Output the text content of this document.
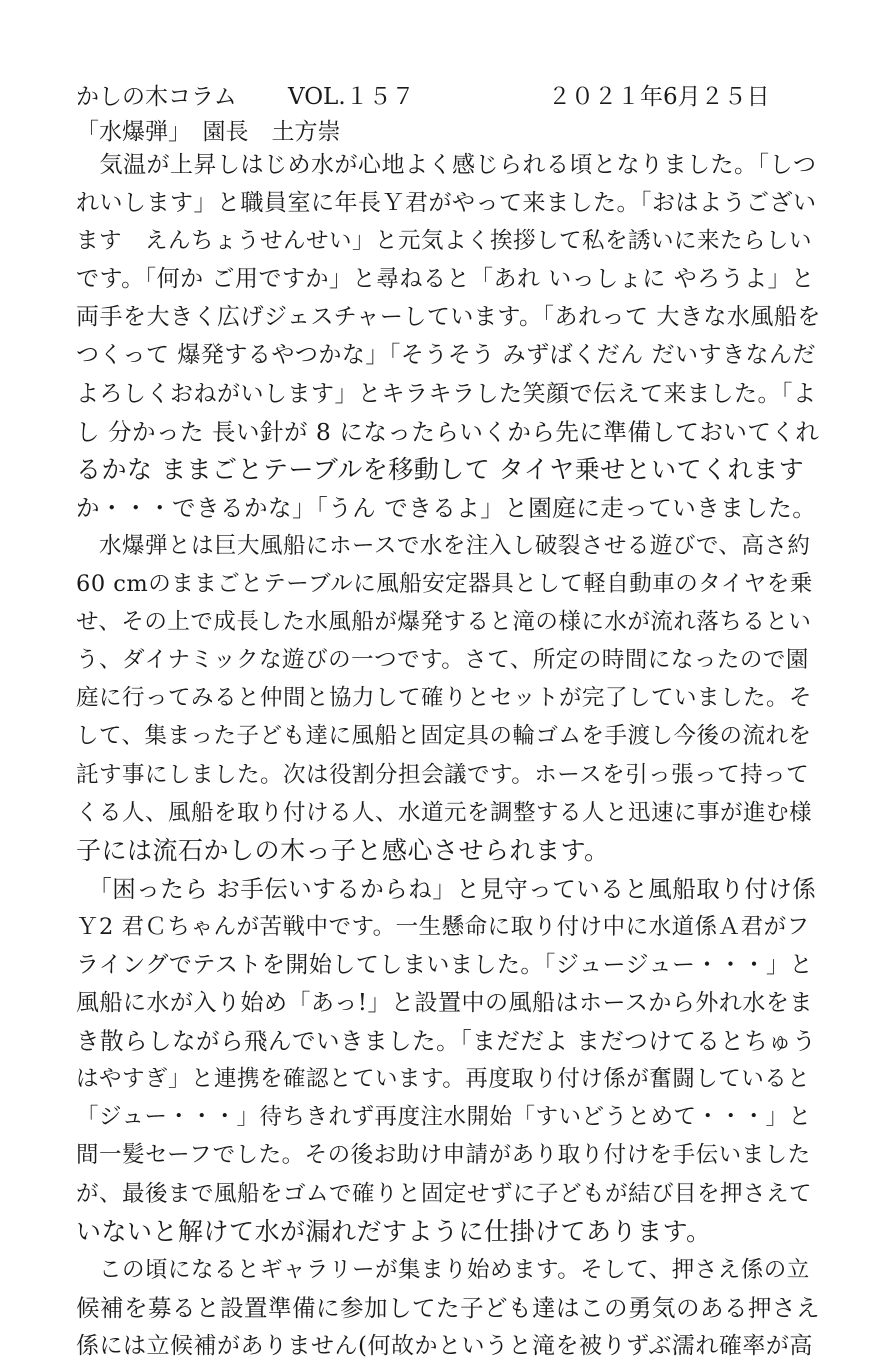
かしの木コラム VOL.１５７	２０２１年6月２５日
「水爆弾」　園長　土方崇
　気温が上昇しはじめ水が心地よく感じられる頃となりました。「しつ
れいします」と職員室に年長Ｙ君がやって来ました。「おはようござい
ます　えんちょうせんせい」と元気よく挨拶して私を誘いに来たらしい
です。「何か ご用ですか」と尋ねると「あれ いっしょに やろうよ」と
両手を大きく広げジェスチャーしています。「あれって 大きな水風船を
つくって 爆発するやつかな」「そうそう みずばくだん だいすきなんだ
よろしくおねがいします」とキラキラした笑顔で伝えて来ました。「よ
し 分かった 長い針が 8 になったらいくから先に準備しておいてくれ
るかな ままごとテーブルを移動して タイヤ乗せといてくれます
か・・・できるかな」「うん できるよ」と園庭に走っていきました。
　水爆弾とは巨大風船にホースで水を注入し破裂させる遊びで、高さ約
60 cmのままごとテーブルに風船安定器具として軽自動車のタイヤを乗
せ、その上で成長した水風船が爆発すると滝の様に水が流れ落ちるとい
う、ダイナミックな遊びの一つです。さて、所定の時間になったので園
庭に行ってみると仲間と協力して確りとセットが完了していました。そ
して、集まった子ども達に風船と固定具の輪ゴムを手渡し今後の流れを
託す事にしました。次は役割分担会議です。ホースを引っ張って持って
くる人、風船を取り付ける人、水道元を調整する人と迅速に事が進む様
子には流石かしの木っ子と感心させられます。
　「困ったら お手伝いするからね」と見守っていると風船取り付け係
Ｙ2 君Ｃちゃんが苦戦中です。一生懸命に取り付け中に水道係Ａ君がフ
ライングでテストを開始してしまいました。「ジュージュー・・・」と
風船に水が入り始め「あっ!」と設置中の風船はホースから外れ水をま
き散らしながら飛んでいきました。「まだだよ まだつけてるとちゅう
はやすぎ」と連携を確認とています。再度取り付け係が奮闘していると
「ジュー・・・」待ちきれず再度注水開始「すいどうとめて・・・」と
間一髪セーフでした。その後お助け申請があり取り付けを手伝いました
が、最後まで風船をゴムで確りと固定せずに子どもが結び目を押さえて
いないと解けて水が漏れだすように仕掛けてあります。
　この頃になるとギャラリーが集まり始めます。そして、押さえ係の立
候補を募ると設置準備に参加してた子ども達はこの勇気のある押さえ
係には立候補がありません(何故かというと滝を被りずぶ濡れ確率が高
